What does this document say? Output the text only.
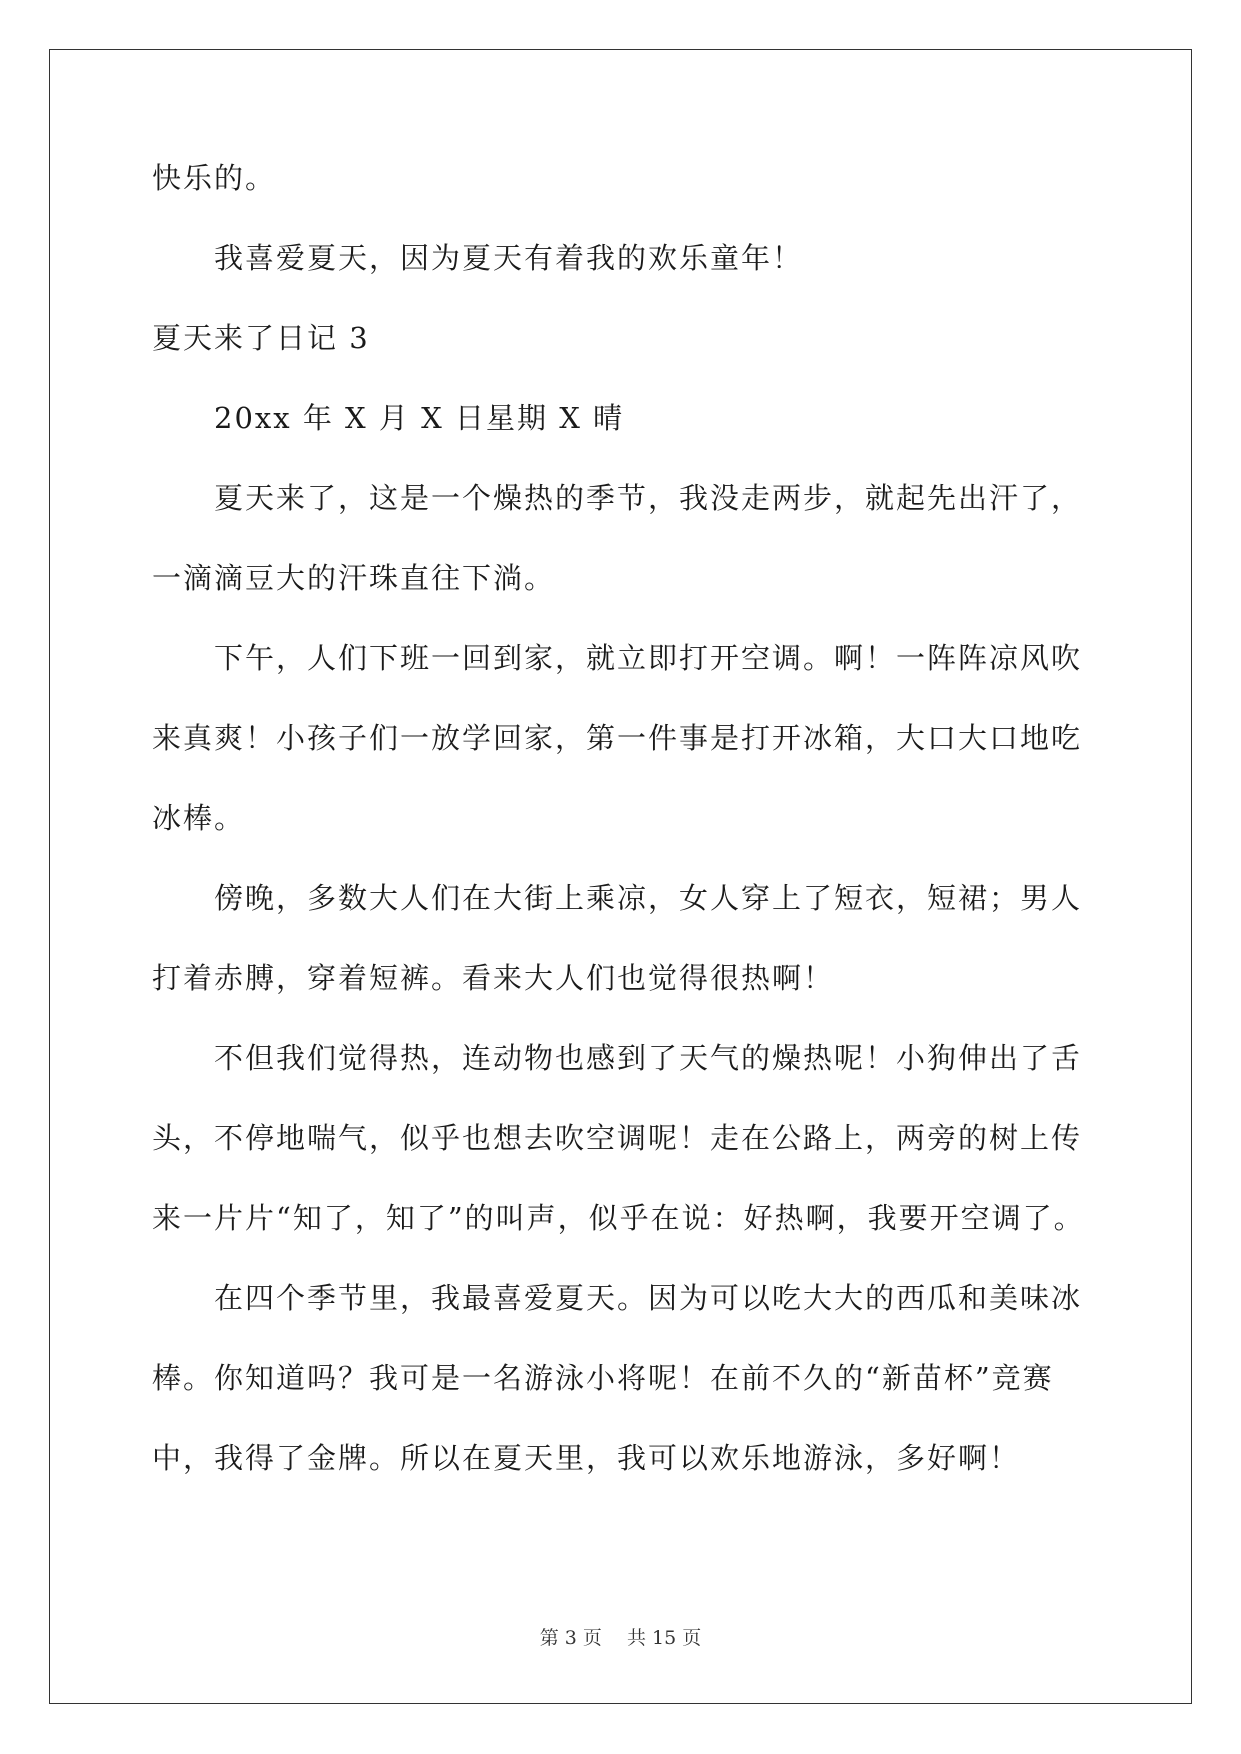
快乐的。
我喜爱夏天，因为夏天有着我的欢乐童年！
夏天来了日记 3
20xx 年 X 月 X 日星期 X 晴
夏天来了，这是一个燥热的季节，我没走两步，就起先出汗了，
一滴滴豆大的汗珠直往下淌。
下午，人们下班一回到家，就立即打开空调。啊！一阵阵凉风吹
来真爽！小孩子们一放学回家，第一件事是打开冰箱，大口大口地吃
冰棒。
傍晚，多数大人们在大街上乘凉，女人穿上了短衣，短裙；男人
打着赤膊，穿着短裤。看来大人们也觉得很热啊！
不但我们觉得热，连动物也感到了天气的燥热呢！小狗伸出了舌
头，不停地喘气，似乎也想去吹空调呢！走在公路上，两旁的树上传
来一片片“知了，知了”的叫声，似乎在说：好热啊，我要开空调了。
在四个季节里，我最喜爱夏天。因为可以吃大大的西瓜和美味冰
棒。你知道吗？我可是一名游泳小将呢！在前不久的“新苗杯”竞赛
中，我得了金牌。所以在夏天里，我可以欢乐地游泳，多好啊！
第 3 页　 共 15 页
